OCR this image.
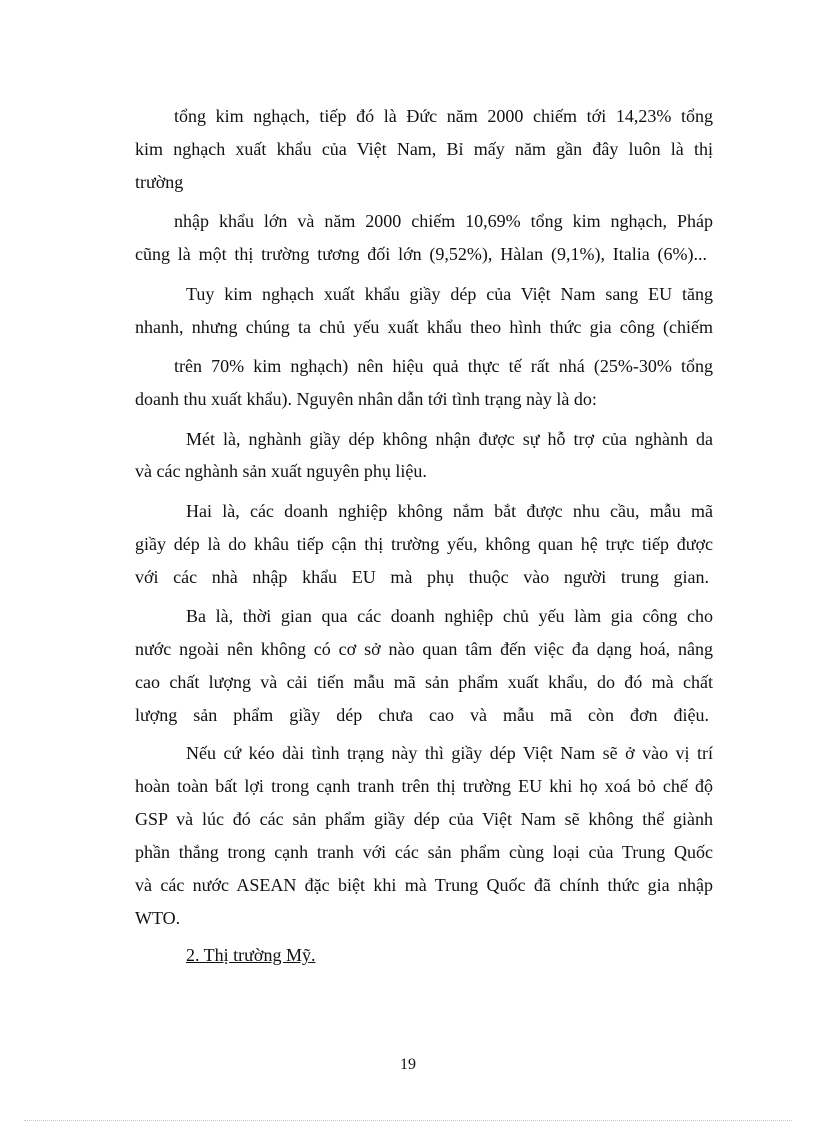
tổng kim nghạch, tiếp đó là Đức năm 2000 chiếm tới 14,23% tổng

kim nghạch xuất khẩu của Việt Nam, Bỉ mấy năm gần đây luôn là thị

trường

nhập khẩu lớn và năm 2000 chiếm 10,69% tổng kim nghạch, Pháp

cũng là một thị trường tương đối lớn (9,52%), Hàlan (9,1%), Italia (6%)...

Tuy kim nghạch xuất khẩu giầy dép của Việt Nam sang EU tăng

nhanh, nhưng chúng ta chủ yếu xuất khẩu theo hình thức gia công (chiếm

trên 70% kim nghạch) nên hiệu quả thực tế rất nhá (25%-30% tổng

doanh thu xuất khẩu). Nguyên nhân dẫn tới tình trạng này là do:

Mét là, nghành giầy dép không nhận được sự hỗ trợ của nghành da

và các nghành sản xuất nguyên phụ liệu.

Hai là, các doanh nghiệp không nắm bắt được nhu cầu, mẫu mã

giầy dép là do khâu tiếp cận thị trường yếu, không quan hệ trực tiếp được

với các nhà nhập khẩu EU mà phụ thuộc vào người trung gian.

Ba là, thời gian qua các doanh nghiệp chủ yếu làm gia công cho

nước ngoài nên không có cơ sở nào quan tâm đến việc đa dạng hoá, nâng

cao chất lượng và cải tiến mẫu mã sản phẩm xuất khẩu, do đó mà chất

lượng sản phẩm giầy dép chưa cao và mẫu mã còn đơn điệu.

Nếu cứ kéo dài tình trạng này thì giầy dép Việt Nam sẽ ở vào vị trí

hoàn toàn bất lợi trong cạnh tranh trên thị trường EU khi họ xoá bỏ chế độ

GSP và lúc đó các sản phẩm giầy dép của Việt Nam sẽ không thể giành

phần thắng trong cạnh tranh với các sản phẩm cùng loại của Trung Quốc

và các nước ASEAN đặc biệt khi mà Trung Quốc đã chính thức gia nhập

WTO.

2. Thị trường Mỹ.

19
